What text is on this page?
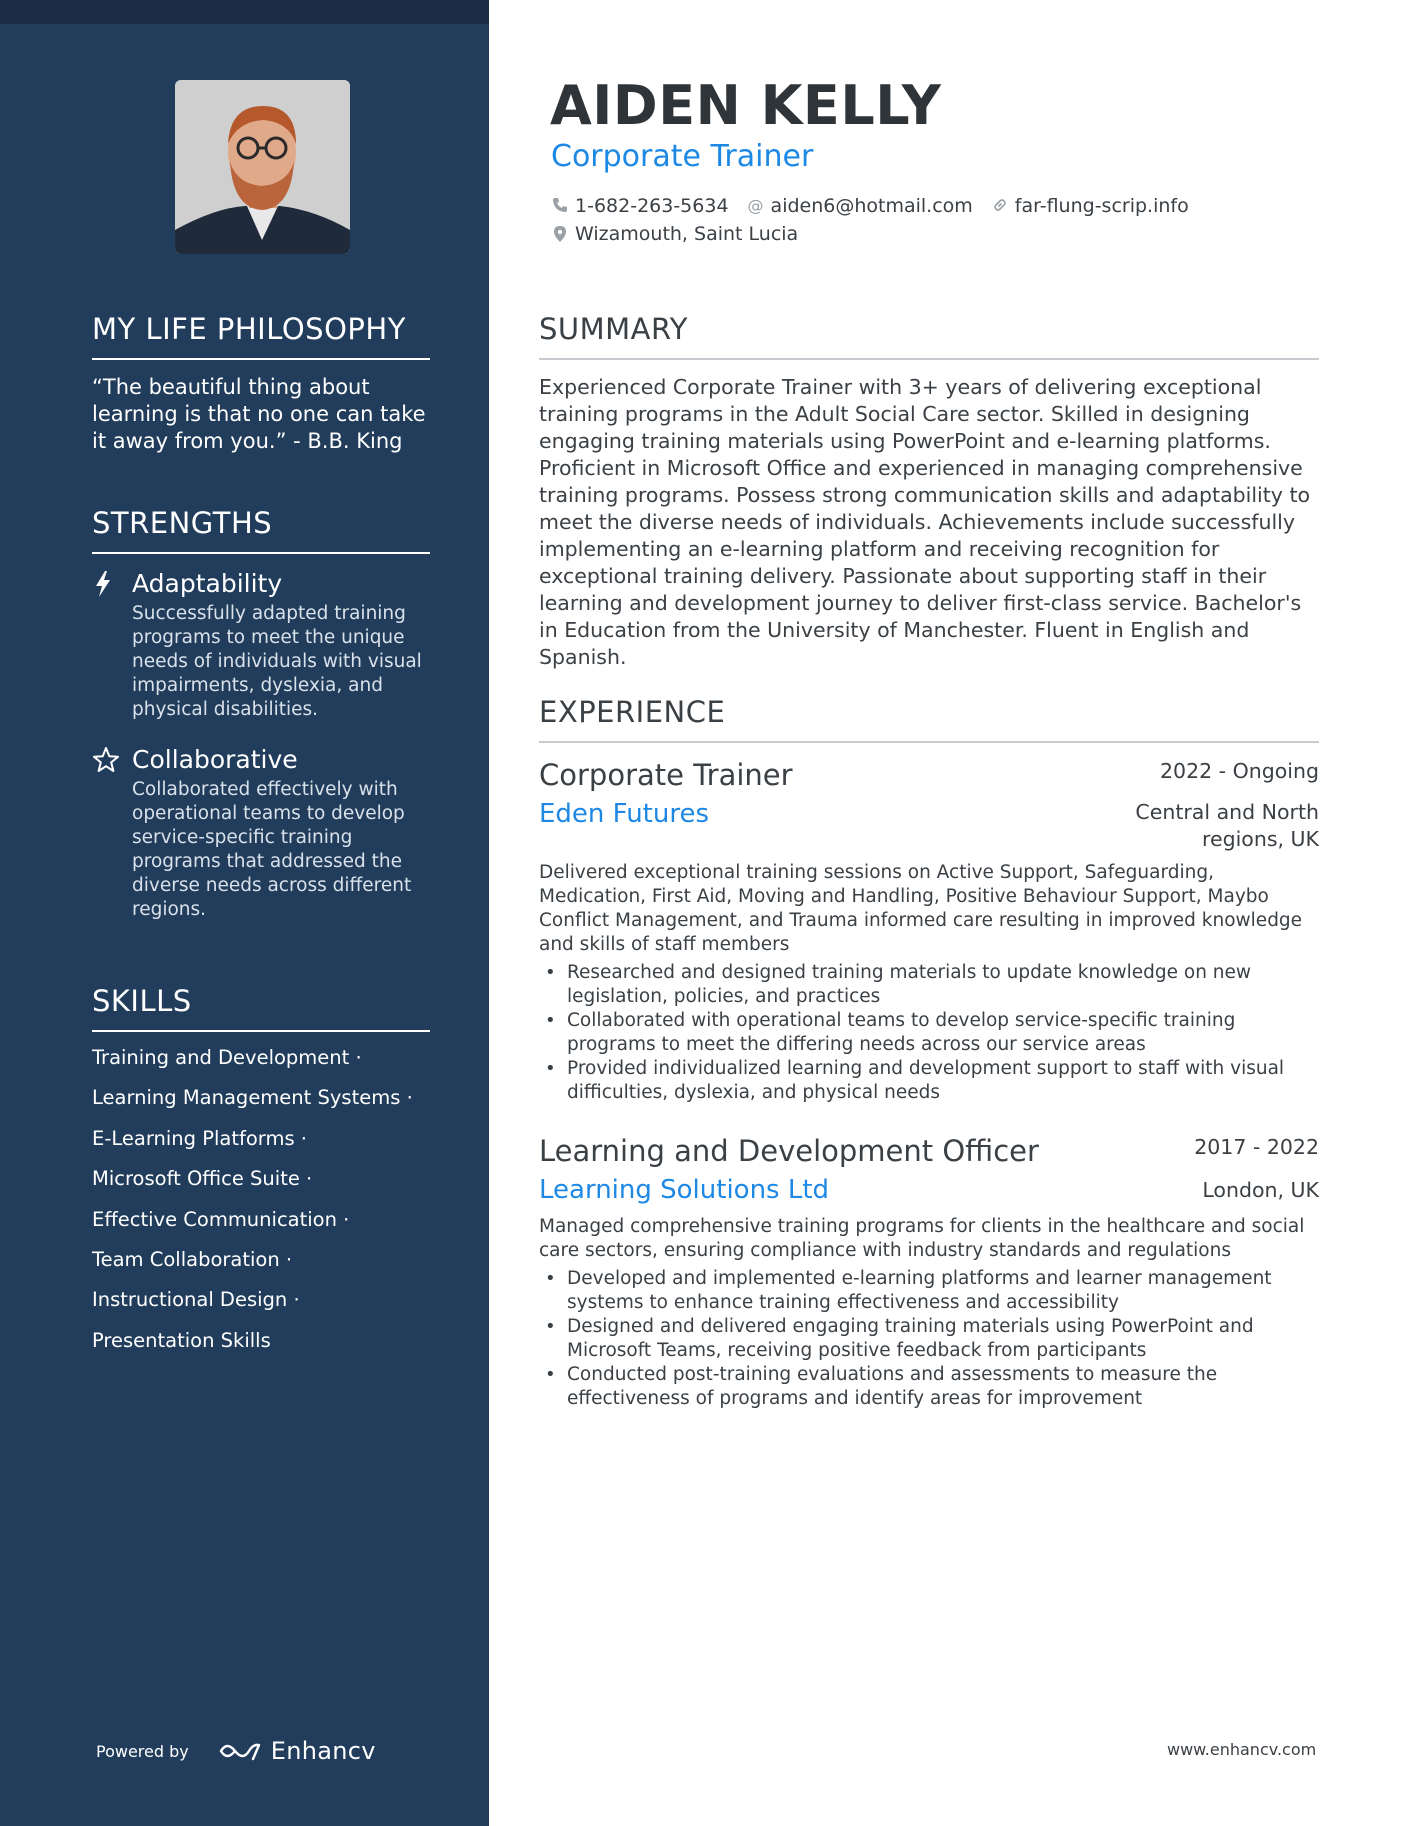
MY LIFE PHILOSOPHY
“The beautiful thing about learning is that no one can take it away from you.” - B.B. King
STRENGTHS
Adaptability
Successfully adapted training programs to meet the unique needs of individuals with visual impairments, dyslexia, and physical disabilities.
Collaborative
Collaborated effectively with operational teams to develop service-specific training programs that addressed the diverse needs across different regions.
SKILLS
Training and Development ·
Learning Management Systems ·
E-Learning Platforms ·
Microsoft Office Suite ·
Effective Communication ·
Team Collaboration ·
Instructional Design ·
Presentation Skills
Powered by	Enhancv
AIDEN KELLY
Corporate Trainer
1-682-263-5634 @ aiden6@hotmail.com far-flung-scrip.info
Wizamouth, Saint Lucia
SUMMARY
Experienced Corporate Trainer with 3+ years of delivering exceptional training programs in the Adult Social Care sector. Skilled in designing engaging training materials using PowerPoint and e-learning platforms. Proficient in Microsoft Office and experienced in managing comprehensive training programs. Possess strong communication skills and adaptability to meet the diverse needs of individuals. Achievements include successfully implementing an e-learning platform and receiving recognition for exceptional training delivery. Passionate about supporting staff in their learning and development journey to deliver first-class service. Bachelor's in Education from the University of Manchester. Fluent in English and Spanish.
EXPERIENCE
Corporate Trainer	2022 - Ongoing
Eden Futures	Central and North
regions, UK
Delivered exceptional training sessions on Active Support, Safeguarding, Medication, First Aid, Moving and Handling, Positive Behaviour Support, Maybo Conflict Management, and Trauma informed care resulting in improved knowledge and skills of staff members
• Researched and designed training materials to update knowledge on new legislation, policies, and practices
• Collaborated with operational teams to develop service-specific training programs to meet the differing needs across our service areas
• Provided individualized learning and development support to staff with visual difficulties, dyslexia, and physical needs
Learning and Development Officer	2017 - 2022
Learning Solutions Ltd	London, UK
Managed comprehensive training programs for clients in the healthcare and social care sectors, ensuring compliance with industry standards and regulations
• Developed and implemented e-learning platforms and learner management systems to enhance training effectiveness and accessibility
• Designed and delivered engaging training materials using PowerPoint and Microsoft Teams, receiving positive feedback from participants
• Conducted post-training evaluations and assessments to measure the effectiveness of programs and identify areas for improvement
www.enhancv.com
